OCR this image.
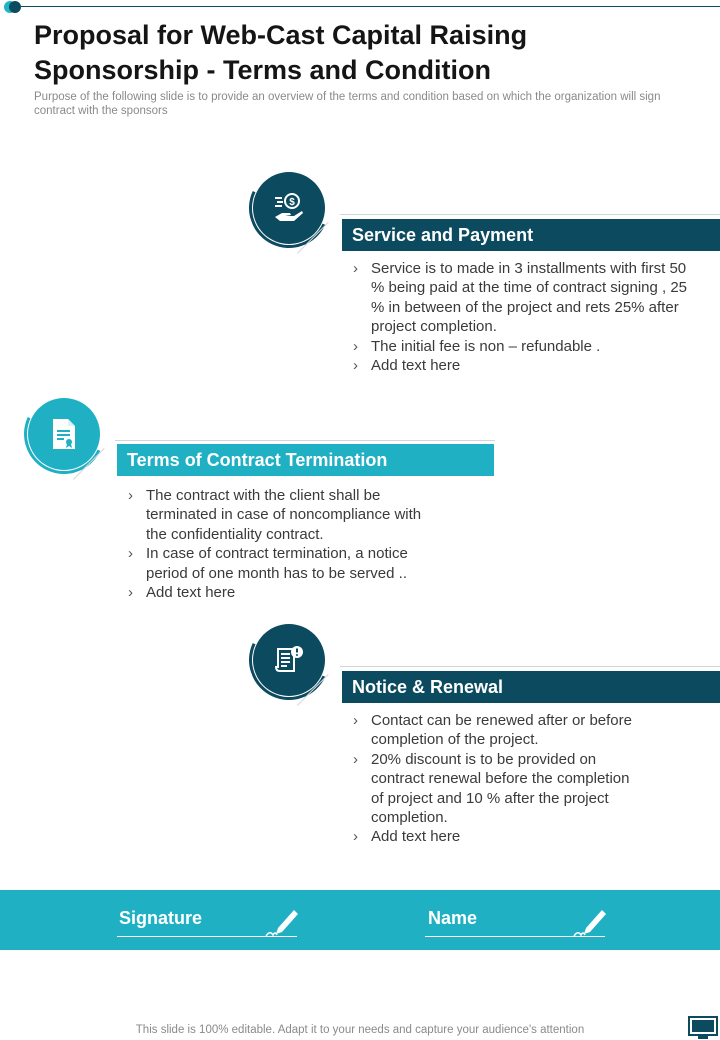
Proposal for Web-Cast Capital Raising Sponsorship - Terms and Condition
Purpose of the following slide is to provide an overview of the terms and condition based on which the organization will sign contract with the sponsors
$
Service and Payment
› Service is to made in 3 installments with first 50 % being paid at the time of contract signing , 25 % in between of the project and rets 25% after project completion.
› The initial fee is non – refundable .
› Add text here
Terms of Contract Termination
› The contract with the client shall be terminated in case of noncompliance with the confidentiality contract.
› In case of contract termination, a notice period of one month has to be served ..
› Add text here
Notice & Renewal
› Contact can be renewed after or before completion of the project.
› 20% discount is to be provided on contract renewal before the completion of project and 10 % after the project completion.
› Add text here
Signature	Name
This slide is 100% editable. Adapt it to your needs and capture your audience's attention
